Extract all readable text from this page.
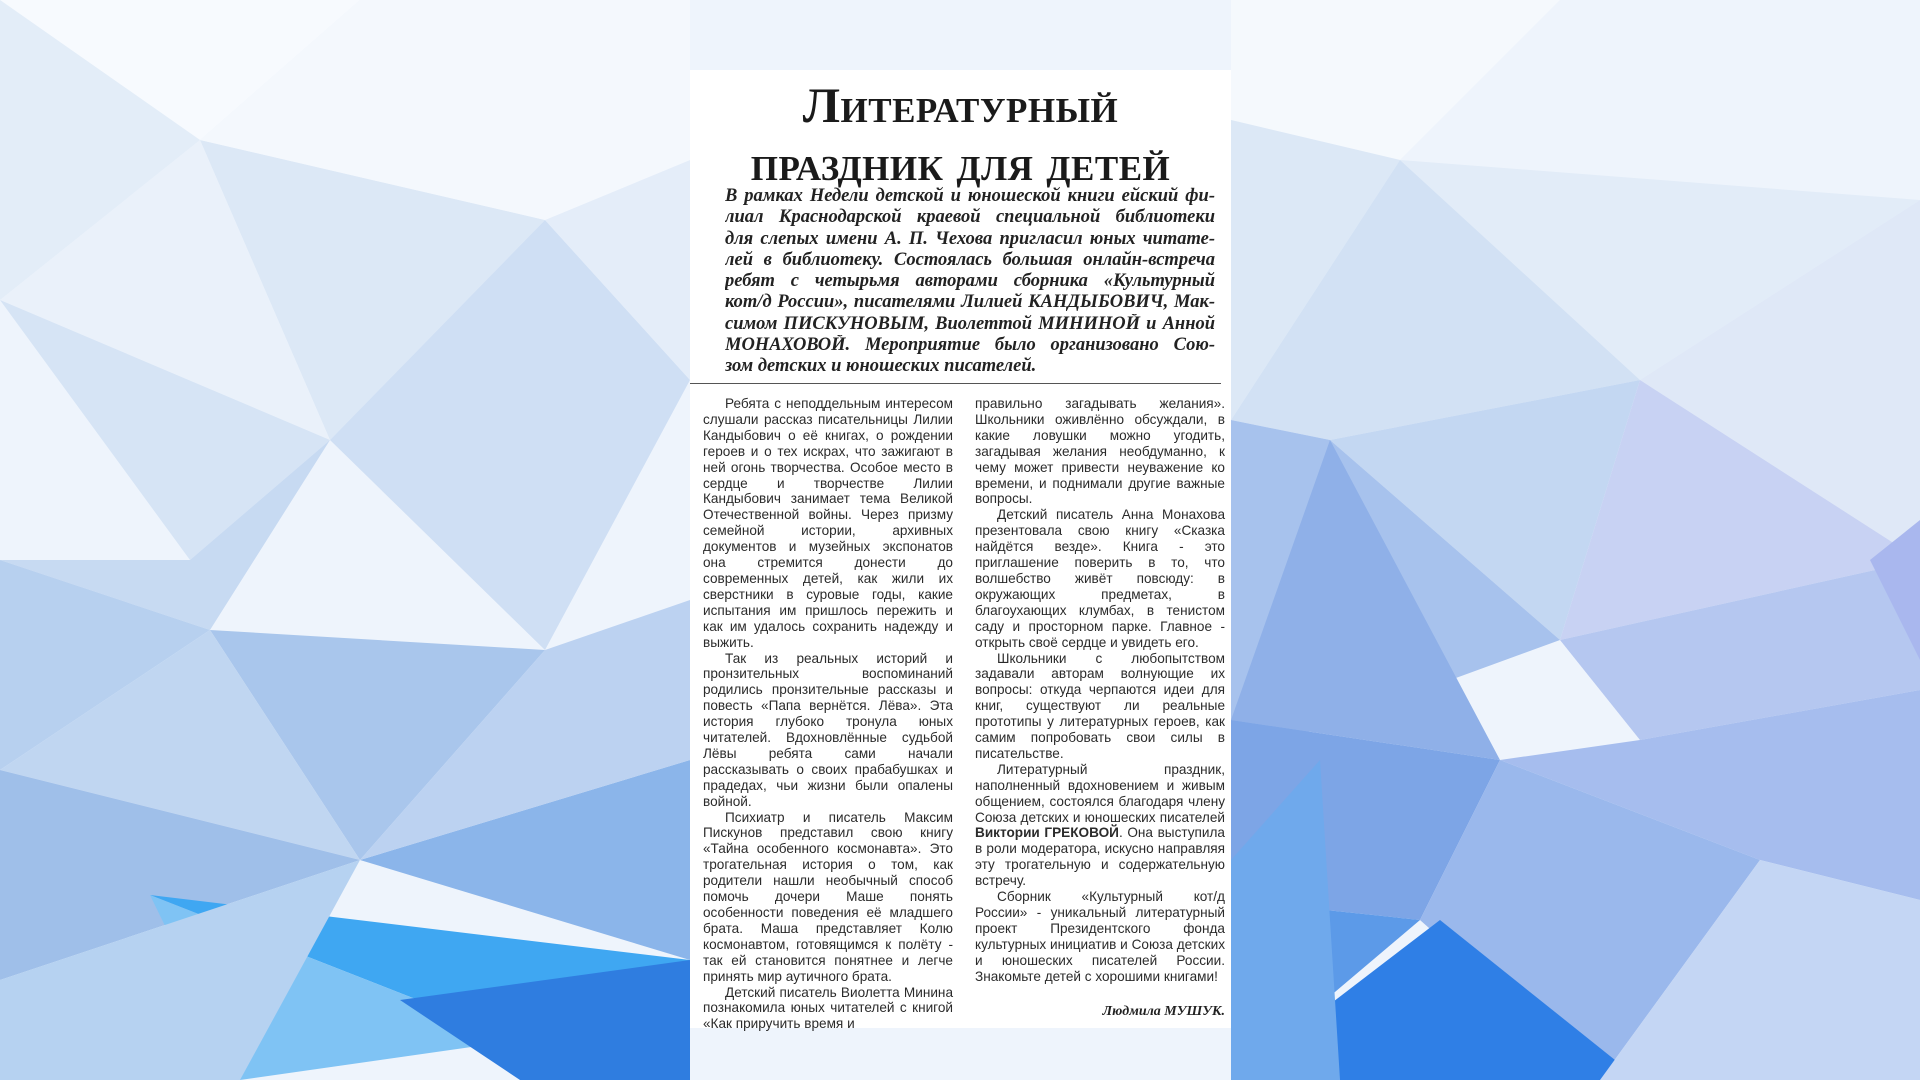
Литературный
праздник для детей
В рамках Недели детской и юношеской книги ейский фи-
лиал Краснодарской краевой специальной библиотеки
для слепых имени А. П. Чехова пригласил юных читате-
лей в библиотеку. Состоялась большая онлайн-встреча
ребят с четырьмя авторами сборника «Культурный
кот/д России», писателями Лилией КАНДЫБОВИЧ, Мак-
симом ПИСКУНОВЫМ, Виолеттой МИНИНОЙ и Анной
МОНАХОВОЙ. Мероприятие было организовано Сою-
зом детских и юношеских писателей.

Ребята с неподдельным интересом слушали рассказ писательницы Лилии Кандыбович о её книгах, о рождении героев и о тех искрах, что зажигают в ней огонь творчества. Особое место в сердце и творчестве Лилии Кандыбович занимает тема Великой Отечественной войны. Через призму семейной истории, архивных документов и музейных экспонатов она стремится донести до современных детей, как жили их сверстники в суровые годы, какие испытания им пришлось пережить и как им удалось сохранить надежду и выжить.

Так из реальных историй и пронзительных воспоминаний родились пронзительные рассказы и повесть «Папа вернётся. Лёва». Эта история глубоко тронула юных читателей. Вдохновлённые судьбой Лёвы ребята сами начали рассказывать о своих прабабушках и прадедах, чьи жизни были опалены войной.

Психиатр и писатель Максим Пискунов представил свою книгу «Тайна особенного космонавта». Это трогательная история о том, как родители нашли необычный способ помочь дочери Маше понять особенности поведения её младшего брата. Маша представляет Колю космонавтом, готовящимся к полёту - так ей становится понятнее и легче принять мир аутичного брата.

Детский писатель Виолетта Минина познакомила юных читателей с книгой «Как приручить время и

правильно загадывать желания». Школьники оживлённо обсуждали, в какие ловушки можно угодить, загадывая желания необдуманно, к чему может привести неуважение ко времени, и поднимали другие важные вопросы.

Детский писатель Анна Монахова презентовала свою книгу «Сказка найдётся везде». Книга - это приглашение поверить в то, что волшебство живёт повсюду: в окружающих предметах, в благоухающих клумбах, в тенистом саду и просторном парке. Главное - открыть своё сердце и увидеть его.

Школьники с любопытством задавали авторам волнующие их вопросы: откуда черпаются идеи для книг, существуют ли реальные прототипы у литературных героев, как самим попробовать свои силы в писательстве.

Литературный праздник, наполненный вдохновением и живым общением, состоялся благодаря члену Союза детских и юношеских писателей Виктории ГРЕКОВОЙ. Она выступила в роли модератора, искусно направляя эту трогательную и содержательную встречу.

Сборник «Культурный кот/д России» - уникальный литературный проект Президентского фонда культурных инициатив и Союза детских и юношеских писателей России. Знакомьте детей с хорошими книгами!

Людмила МУШУК.
